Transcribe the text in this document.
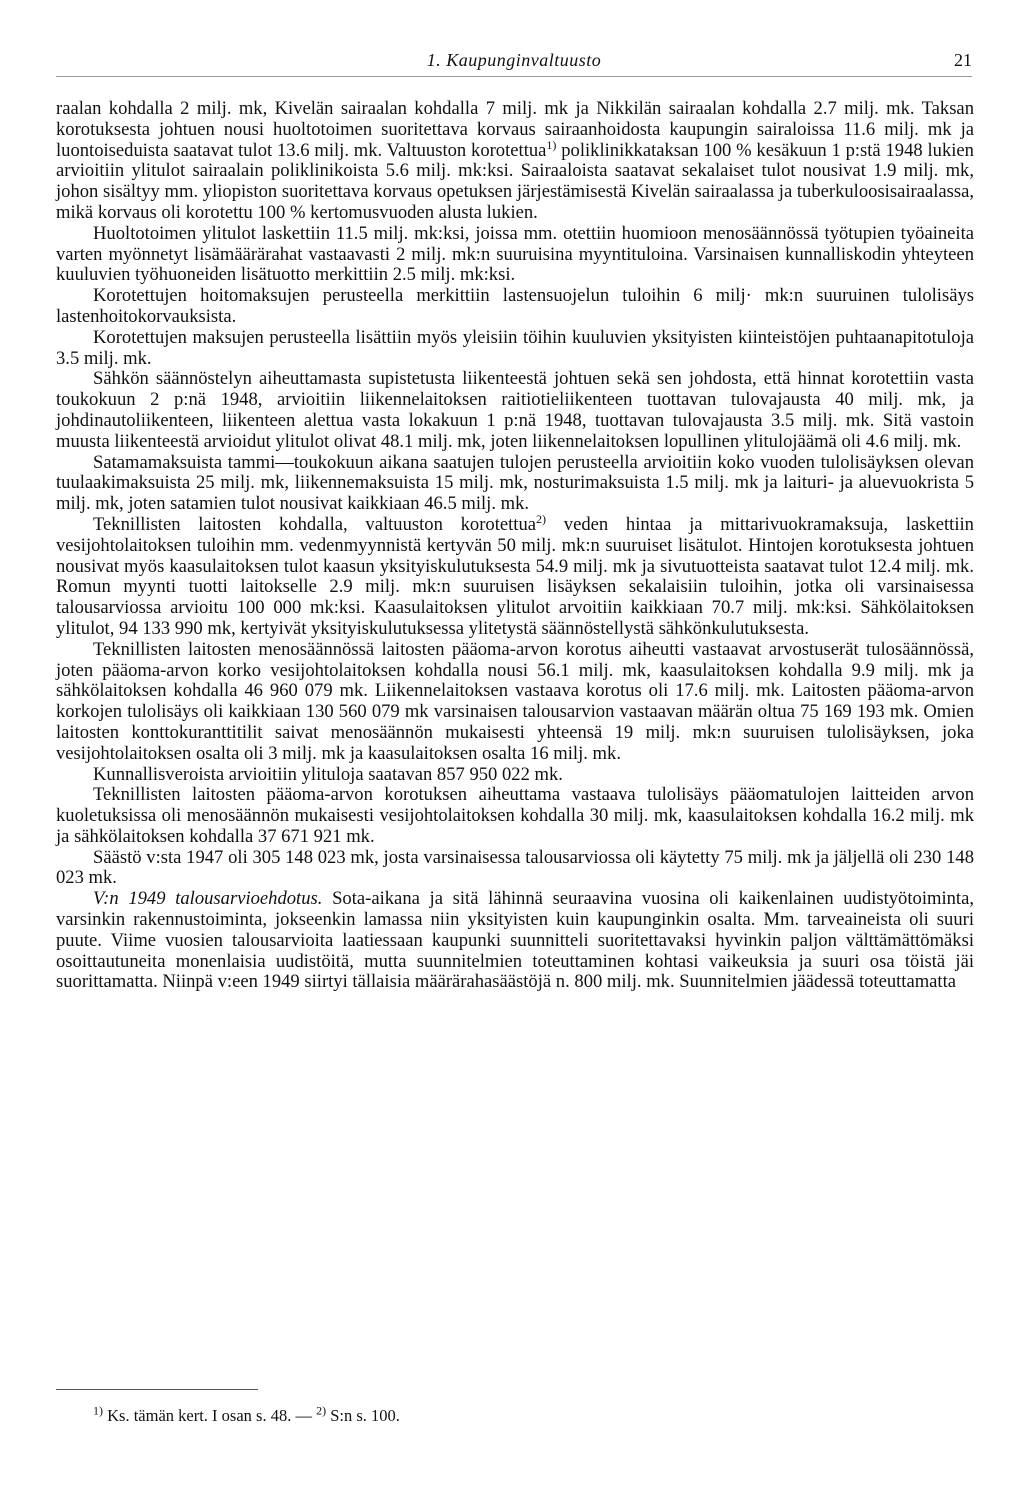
1. Kaupunginvaltuusto	21

raalan kohdalla 2 milj. mk, Kivelän sairaalan kohdalla 7 milj. mk ja Nikkilän sairaalan kohdalla 2.7 milj. mk. Taksan korotuksesta johtuen nousi huoltotoimen suoritettava korvaus sairaanhoidosta kaupungin sairaloissa 11.6 milj. mk ja luontoiseduista saatavat tulot 13.6 milj. mk. Valtuuston korotettua$^{1)}$ poliklinikkataksan 100 % kesäkuun 1 p:stä 1948 lukien arvioitiin ylitulot sairaalain poliklinikoista 5.6 milj. mk:ksi. Sairaaloista saatavat sekalaiset tulot nousivat 1.9 milj. mk, johon sisältyy mm. yliopiston suoritettava korvaus opetuksen järjestämisestä Kivelän sairaalassa ja tuberkuloosisairaalassa, mikä korvaus oli korotettu 100 % kertomusvuoden alusta lukien.

Huoltotoimen ylitulot laskettiin 11.5 milj. mk:ksi, joissa mm. otettiin huomioon menosäännössä työtupien työaineita varten myönnetyt lisämäärärahat vastaavasti 2 milj. mk:n suuruisina myyntituloina. Varsinaisen kunnalliskodin yhteyteen kuuluvien työhuoneiden lisätuotto merkittiin 2.5 milj. mk:ksi.

Korotettujen hoitomaksujen perusteella merkittiin lastensuojelun tuloihin 6 milj· mk:n suuruinen tulolisäys lastenhoitokorvauksista.

Korotettujen maksujen perusteella lisättiin myös yleisiin töihin kuuluvien yksityisten kiinteistöjen puhtaanapitotuloja 3.5 milj. mk.

Sähkön säännöstelyn aiheuttamasta supistetusta liikenteestä johtuen sekä sen johdosta, että hinnat korotettiin vasta toukokuun 2 p:nä 1948, arvioitiin liikennelaitoksen raitiotieliikenteen tuottavan tulovajausta 40 milj. mk, ja johdinautoliikenteen, liikenteen alettua vasta lokakuun 1 p:nä 1948, tuottavan tulovajausta 3.5 milj. mk. Sitä vastoin muusta liikenteestä arvioidut ylitulot olivat 48.1 milj. mk, joten liikennelaitoksen lopullinen ylitulojäämä oli 4.6 milj. mk.

Satamamaksuista tammi—toukokuun aikana saatujen tulojen perusteella arvioitiin koko vuoden tulolisäyksen olevan tuulaakimaksuista 25 milj. mk, liikennemaksuista 15 milj. mk, nosturimaksuista 1.5 milj. mk ja laituri- ja aluevuokrista 5 milj. mk, joten satamien tulot nousivat kaikkiaan 46.5 milj. mk.

Teknillisten laitosten kohdalla, valtuuston korotettua$^{2)}$ veden hintaa ja mittarivuokramaksuja, laskettiin vesijohtolaitoksen tuloihin mm. vedenmyynnistä kertyvän 50 milj. mk:n suuruiset lisätulot. Hintojen korotuksesta johtuen nousivat myös kaasulaitoksen tulot kaasun yksityiskulutuksesta 54.9 milj. mk ja sivutuotteista saatavat tulot 12.4 milj. mk. Romun myynti tuotti laitokselle 2.9 milj. mk:n suuruisen lisäyksen sekalaisiin tuloihin, jotka oli varsinaisessa talousarviossa arvioitu 100 000 mk:ksi. Kaasulaitoksen ylitulot arvoitiin kaikkiaan 70.7 milj. mk:ksi. Sähkölaitoksen ylitulot, 94 133 990 mk, kertyivät yksityiskulutuksessa ylitetystä säännöstellystä sähkönkulutuksesta.

Teknillisten laitosten menosäännössä laitosten pääoma-arvon korotus aiheutti vastaavat arvostuserät tulosäännössä, joten pääoma-arvon korko vesijohtolaitoksen kohdalla nousi 56.1 milj. mk, kaasulaitoksen kohdalla 9.9 milj. mk ja sähkölaitoksen kohdalla 46 960 079 mk. Liikennelaitoksen vastaava korotus oli 17.6 milj. mk. Laitosten pääoma-arvon korkojen tulolisäys oli kaikkiaan 130 560 079 mk varsinaisen talousarvion vastaavan määrän oltua 75 169 193 mk. Omien laitosten konttokuranttitilit saivat menosäännön mukaisesti yhteensä 19 milj. mk:n suuruisen tulolisäyksen, joka vesijohtolaitoksen osalta oli 3 milj. mk ja kaasulaitoksen osalta 16 milj. mk.

Kunnallisveroista arvioitiin ylituloja saatavan 857 950 022 mk.

Teknillisten laitosten pääoma-arvon korotuksen aiheuttama vastaava tulolisäys pääomatulojen laitteiden arvon kuoletuksissa oli menosäännön mukaisesti vesijohtolaitoksen kohdalla 30 milj. mk, kaasulaitoksen kohdalla 16.2 milj. mk ja sähkölaitoksen kohdalla 37 671 921 mk.

Säästö v:sta 1947 oli 305 148 023 mk, josta varsinaisessa talousarviossa oli käytetty 75 milj. mk ja jäljellä oli 230 148 023 mk.

V:n 1949 talousarvioehdotus. Sota-aikana ja sitä lähinnä seuraavina vuosina oli kaikenlainen uudistyötoiminta, varsinkin rakennustoiminta, jokseenkin lamassa niin yksityisten kuin kaupunginkin osalta. Mm. tarveaineista oli suuri puute. Viime vuosien talousarvioita laatiessaan kaupunki suunnitteli suoritettavaksi hyvinkin paljon välttämättömäksi osoittautuneita monenlaisia uudistöitä, mutta suunnitelmien toteuttaminen kohtasi vaikeuksia ja suuri osa töistä jäi suorittamatta. Niinpä v:een 1949 siirtyi tällaisia määrärahasäästöjä n. 800 milj. mk. Suunnitelmien jäädessä toteuttamatta

$^{1)}$ Ks. tämän kert. I osan s. 48. — $^{2)}$ S:n s. 100.
